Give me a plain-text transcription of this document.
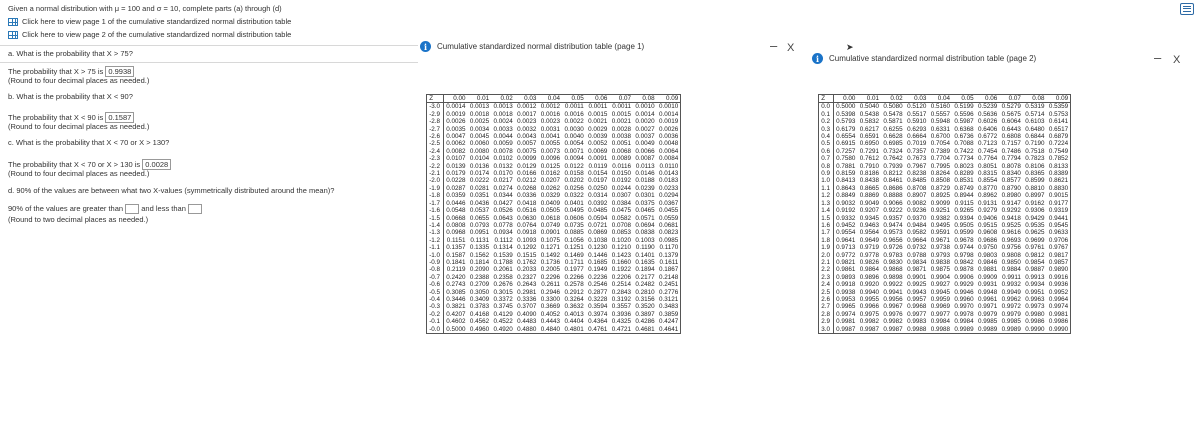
Given a normal distribution with μ = 100 and σ = 10, complete parts (a) through (d)
Click here to view page 1 of the cumulative standardized normal distribution table
Click here to view page 2 of the cumulative standardized normal distribution table
a. What is the probability that X > 75?
The probability that X > 75 is 0.9938
(Round to four decimal places as needed.)
b. What is the probability that X < 90?
The probability that X < 90 is 0.1587
(Round to four decimal places as needed.)
c. What is the probability that X < 70 or X > 130?
The probability that X < 70 or X > 130 is 0.0028
(Round to four decimal places as needed.)
d. 90% of the values are between what two X-values (symmetrically distributed around the mean)?
90% of the values are greater than and less than
(Round to two decimal places as needed.)
i	Cumulative standardized normal distribution table (page 1)	– X
Z	0.00	0.01	0.02	0.03	0.04	0.05	0.06	0.07	0.08	0.09
-3.0	0.0014	0.0013	0.0013	0.0012	0.0012	0.0011	0.0011	0.0011	0.0010	0.0010
-2.9	0.0019	0.0018	0.0018	0.0017	0.0016	0.0016	0.0015	0.0015	0.0014	0.0014
-2.8	0.0026	0.0025	0.0024	0.0023	0.0023	0.0022	0.0021	0.0021	0.0020	0.0019
-2.7	0.0035	0.0034	0.0033	0.0032	0.0031	0.0030	0.0029	0.0028	0.0027	0.0026
-2.6	0.0047	0.0045	0.0044	0.0043	0.0041	0.0040	0.0039	0.0038	0.0037	0.0036
-2.5	0.0062	0.0060	0.0059	0.0057	0.0055	0.0054	0.0052	0.0051	0.0049	0.0048
-2.4	0.0082	0.0080	0.0078	0.0075	0.0073	0.0071	0.0069	0.0068	0.0066	0.0064
-2.3	0.0107	0.0104	0.0102	0.0099	0.0096	0.0094	0.0091	0.0089	0.0087	0.0084
-2.2	0.0139	0.0136	0.0132	0.0129	0.0125	0.0122	0.0119	0.0116	0.0113	0.0110
-2.1	0.0179	0.0174	0.0170	0.0166	0.0162	0.0158	0.0154	0.0150	0.0146	0.0143
-2.0	0.0228	0.0222	0.0217	0.0212	0.0207	0.0202	0.0197	0.0192	0.0188	0.0183
-1.9	0.0287	0.0281	0.0274	0.0268	0.0262	0.0256	0.0250	0.0244	0.0239	0.0233
-1.8	0.0359	0.0351	0.0344	0.0336	0.0329	0.0322	0.0314	0.0307	0.0301	0.0294
-1.7	0.0446	0.0436	0.0427	0.0418	0.0409	0.0401	0.0392	0.0384	0.0375	0.0367
-1.6	0.0548	0.0537	0.0526	0.0516	0.0505	0.0495	0.0485	0.0475	0.0465	0.0455
-1.5	0.0668	0.0655	0.0643	0.0630	0.0618	0.0606	0.0594	0.0582	0.0571	0.0559
-1.4	0.0808	0.0793	0.0778	0.0764	0.0749	0.0735	0.0721	0.0708	0.0694	0.0681
-1.3	0.0968	0.0951	0.0934	0.0918	0.0901	0.0885	0.0869	0.0853	0.0838	0.0823
-1.2	0.1151	0.1131	0.1112	0.1093	0.1075	0.1056	0.1038	0.1020	0.1003	0.0985
-1.1	0.1357	0.1335	0.1314	0.1292	0.1271	0.1251	0.1230	0.1210	0.1190	0.1170
-1.0	0.1587	0.1562	0.1539	0.1515	0.1492	0.1469	0.1446	0.1423	0.1401	0.1379
-0.9	0.1841	0.1814	0.1788	0.1762	0.1736	0.1711	0.1685	0.1660	0.1635	0.1611
-0.8	0.2119	0.2090	0.2061	0.2033	0.2005	0.1977	0.1949	0.1922	0.1894	0.1867
-0.7	0.2420	0.2388	0.2358	0.2327	0.2296	0.2266	0.2236	0.2206	0.2177	0.2148
-0.6	0.2743	0.2709	0.2676	0.2643	0.2611	0.2578	0.2546	0.2514	0.2482	0.2451
-0.5	0.3085	0.3050	0.3015	0.2981	0.2946	0.2912	0.2877	0.2843	0.2810	0.2776
-0.4	0.3446	0.3409	0.3372	0.3336	0.3300	0.3264	0.3228	0.3192	0.3156	0.3121
-0.3	0.3821	0.3783	0.3745	0.3707	0.3669	0.3632	0.3594	0.3557	0.3520	0.3483
-0.2	0.4207	0.4168	0.4129	0.4090	0.4052	0.4013	0.3974	0.3936	0.3897	0.3859
-0.1	0.4602	0.4562	0.4522	0.4483	0.4443	0.4404	0.4364	0.4325	0.4286	0.4247
-0.0	0.5000	0.4960	0.4920	0.4880	0.4840	0.4801	0.4761	0.4721	0.4681	0.4641
➤
i	Cumulative standardized normal distribution table (page 2)	– X
Z	0.00	0.01	0.02	0.03	0.04	0.05	0.06	0.07	0.08	0.09
0.0	0.5000	0.5040	0.5080	0.5120	0.5160	0.5199	0.5239	0.5279	0.5319	0.5359
0.1	0.5398	0.5438	0.5478	0.5517	0.5557	0.5596	0.5636	0.5675	0.5714	0.5753
0.2	0.5793	0.5832	0.5871	0.5910	0.5948	0.5987	0.6026	0.6064	0.6103	0.6141
0.3	0.6179	0.6217	0.6255	0.6293	0.6331	0.6368	0.6406	0.6443	0.6480	0.6517
0.4	0.6554	0.6591	0.6628	0.6664	0.6700	0.6736	0.6772	0.6808	0.6844	0.6879
0.5	0.6915	0.6950	0.6985	0.7019	0.7054	0.7088	0.7123	0.7157	0.7190	0.7224
0.6	0.7257	0.7291	0.7324	0.7357	0.7389	0.7422	0.7454	0.7486	0.7518	0.7549
0.7	0.7580	0.7612	0.7642	0.7673	0.7704	0.7734	0.7764	0.7794	0.7823	0.7852
0.8	0.7881	0.7910	0.7939	0.7967	0.7995	0.8023	0.8051	0.8078	0.8106	0.8133
0.9	0.8159	0.8186	0.8212	0.8238	0.8264	0.8289	0.8315	0.8340	0.8365	0.8389
1.0	0.8413	0.8438	0.8461	0.8485	0.8508	0.8531	0.8554	0.8577	0.8599	0.8621
1.1	0.8643	0.8665	0.8686	0.8708	0.8729	0.8749	0.8770	0.8790	0.8810	0.8830
1.2	0.8849	0.8869	0.8888	0.8907	0.8925	0.8944	0.8962	0.8980	0.8997	0.9015
1.3	0.9032	0.9049	0.9066	0.9082	0.9099	0.9115	0.9131	0.9147	0.9162	0.9177
1.4	0.9192	0.9207	0.9222	0.9236	0.9251	0.9265	0.9279	0.9292	0.9306	0.9319
1.5	0.9332	0.9345	0.9357	0.9370	0.9382	0.9394	0.9406	0.9418	0.9429	0.9441
1.6	0.9452	0.9463	0.9474	0.9484	0.9495	0.9505	0.9515	0.9525	0.9535	0.9545
1.7	0.9554	0.9564	0.9573	0.9582	0.9591	0.9599	0.9608	0.9616	0.9625	0.9633
1.8	0.9641	0.9649	0.9656	0.9664	0.9671	0.9678	0.9686	0.9693	0.9699	0.9706
1.9	0.9713	0.9719	0.9726	0.9732	0.9738	0.9744	0.9750	0.9756	0.9761	0.9767
2.0	0.9772	0.9778	0.9783	0.9788	0.9793	0.9798	0.9803	0.9808	0.9812	0.9817
2.1	0.9821	0.9826	0.9830	0.9834	0.9838	0.9842	0.9846	0.9850	0.9854	0.9857
2.2	0.9861	0.9864	0.9868	0.9871	0.9875	0.9878	0.9881	0.9884	0.9887	0.9890
2.3	0.9893	0.9896	0.9898	0.9901	0.9904	0.9906	0.9909	0.9911	0.9913	0.9916
2.4	0.9918	0.9920	0.9922	0.9925	0.9927	0.9929	0.9931	0.9932	0.9934	0.9936
2.5	0.9938	0.9940	0.9941	0.9943	0.9945	0.9946	0.9948	0.9949	0.9951	0.9952
2.6	0.9953	0.9955	0.9956	0.9957	0.9959	0.9960	0.9961	0.9962	0.9963	0.9964
2.7	0.9965	0.9966	0.9967	0.9968	0.9969	0.9970	0.9971	0.9972	0.9973	0.9974
2.8	0.9974	0.9975	0.9976	0.9977	0.9977	0.9978	0.9979	0.9979	0.9980	0.9981
2.9	0.9981	0.9982	0.9982	0.9983	0.9984	0.9984	0.9985	0.9985	0.9986	0.9986
3.0	0.9987	0.9987	0.9987	0.9988	0.9988	0.9989	0.9989	0.9989	0.9990	0.9990
